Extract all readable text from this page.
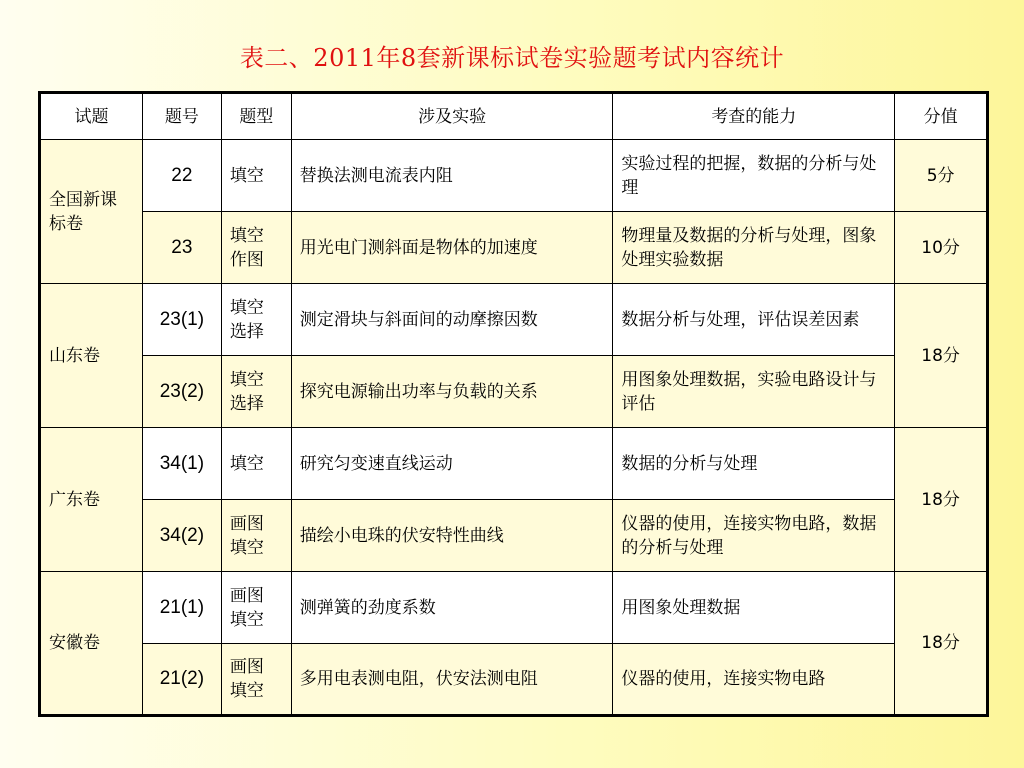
表二、2011年8套新课标试卷实验题考试内容统计
试题	题号	题型	涉及实验	考查的能力	分值

全国新课标卷	22	填空	替换法测电流表内阻	实验过程的把握，数据的分析与处理	5分
	23	填空作图	用光电门测斜面是物体的加速度	物理量及数据的分析与处理，图象处理实验数据	10分
山东卷	23(1)	填空选择	测定滑块与斜面间的动摩擦因数	数据分析与处理，评估误差因素	18分
	23(2)	填空选择	探究电源输出功率与负载的关系	用图象处理数据，实验电路设计与评估	
广东卷	34(1)	填空	研究匀变速直线运动	数据的分析与处理	18分
	34(2)	画图填空	描绘小电珠的伏安特性曲线	仪器的使用，连接实物电路，数据的分析与处理	
安徽卷	21(1)	画图填空	测弹簧的劲度系数	用图象处理数据	18分
	21(2)	画图填空	多用电表测电阻，伏安法测电阻	仪器的使用，连接实物电路	
